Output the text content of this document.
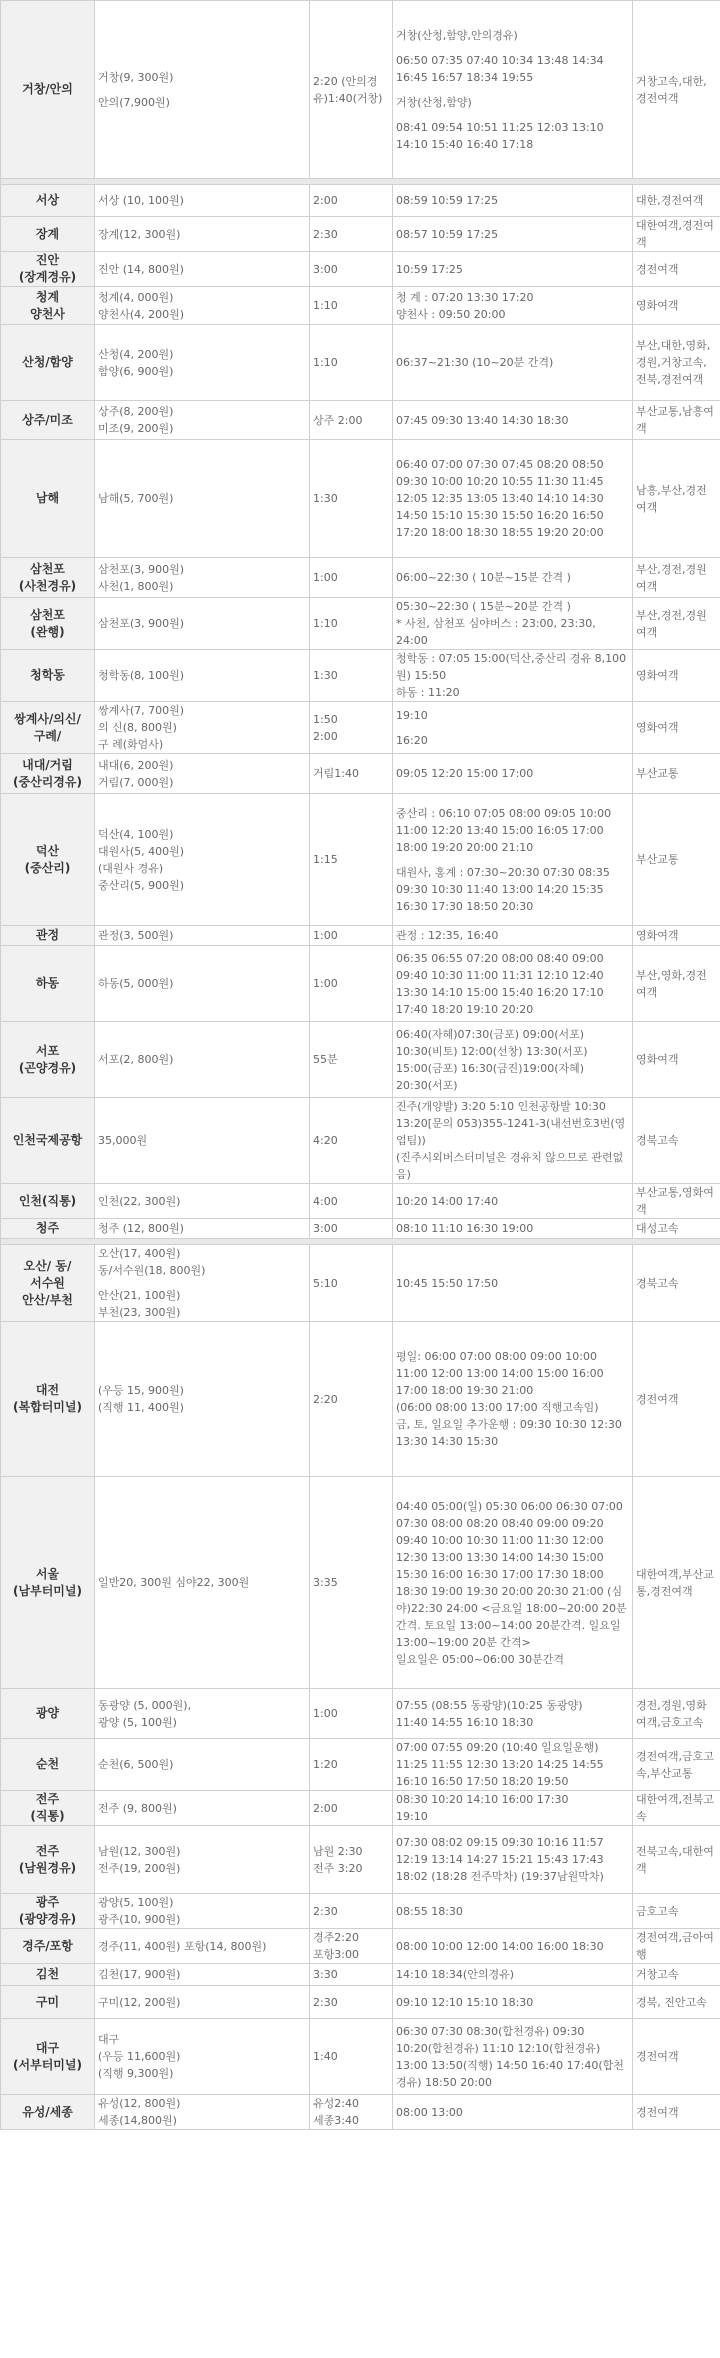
거창/안의	거창(9, 300원)
안의(7,900원)	2:20 (안의경유)1:40(거창)	거창(산청,함양,안의경유)
06:50 07:35 07:40 10:34 13:48 14:34 16:45 16:57 18:34 19:55
거창(산청,함양)
08:41 09:54 10:51 11:25 12:03 13:10 14:10 15:40 16:40 17:18	거창고속,대한,경전여객

서상	서상 (10, 100원)	2:00	08:59 10:59 17:25	대한,경전여객

장계	장계(12, 300원)	2:30	08:57 10:59 17:25	대한여객,경전여객

진안
(장계경유)	진안 (14, 800원)	3:00	10:59 17:25	경전여객

청계
양천사	청계(4, 000원)
양천사(4, 200원)	1:10	청 계 : 07:20 13:30 17:20
양천사 : 09:50 20:00	영화여객

산청/함양	산청(4, 200원)
함양(6, 900원)	1:10	06:37~21:30 (10~20분 간격)	부산,대한,영화,경원,거창고속,전북,경전여객

상주/미조	상주(8, 200원)
미조(9, 200원)	상주 2:00	07:45 09:30 13:40 14:30 18:30	부산교통,남흥여객

남해	남해(5, 700원)	1:30	06:40 07:00 07:30 07:45 08:20 08:50 09:30 10:00 10:20 10:55 11:30 11:45 12:05 12:35 13:05 13:40 14:10 14:30 14:50 15:10 15:30 15:50 16:20 16:50 17:20 18:00 18:30 18:55 19:20 20:00	남흥,부산,경전여객

삼천포
(사천경유)	삼천포(3, 900원)
사천(1, 800원)	1:00	06:00~22:30 ( 10분~15분 간격 )	부산,경전,경원여객

삼천포
(완행)	삼천포(3, 900원)	1:10	05:30~22:30 ( 15분~20분 간격 )
* 사천, 삼천포 심야버스 : 23:00, 23:30, 24:00	부산,경전,경원여객

청학동	청학동(8, 100원)	1:30	청학동 : 07:05 15:00(덕산,중산리 경유 8,100원) 15:50
하동 : 11:20	영화여객

쌍계사/의신/
구례/	쌍계사(7, 700원)
의 신(8, 800원)
구 례(화엄사)	1:50
2:00	19:10
16:20	영화여객

내대/거림
(중산리경유)	내대(6, 200원)
거림(7, 000원)	거림1:40	09:05 12:20 15:00 17:00	부산교통

덕산
(중산리)	덕산(4, 100원)
대원사(5, 400원)
(대원사 경유)
중산리(5, 900원)	1:15	중산리 : 06:10 07:05 08:00 09:05 10:00 11:00 12:20 13:40 15:00 16:05 17:00 18:00 19:20 20:00 21:10
대원사, 홍계 : 07:30~20:30 07:30 08:35 09:30 10:30 11:40 13:00 14:20 15:35 16:30 17:30 18:50 20:30	부산교통

관정	관정(3, 500원)	1:00	관정 : 12:35, 16:40	영화여객

하동	하동(5, 000원)	1:00	06:35 06:55 07:20 08:00 08:40 09:00 09:40 10:30 11:00 11:31 12:10 12:40 13:30 14:10 15:00 15:40 16:20 17:10 17:40 18:20 19:10 20:20	부산,영화,경전여객

서포
(곤양경유)	서포(2, 800원)	55분	06:40(자혜)07:30(금포) 09:00(서포)
10:30(비토) 12:00(선창) 13:30(서포)
15:00(금포) 16:30(금진)19:00(자혜)
20:30(서포)	영화여객

인천국제공항	35,000원	4:20	진주(개양발) 3:20 5:10 인천공항발 10:30 13:20[문의 053)355-1241-3(내선번호3번(영업팀))
(진주시외버스터미널은 경유치 않으므로 관련없음)	경북고속

인천(직통)	인천(22, 300원)	4:00	10:20 14:00 17:40	부산교통,영화여객

청주	청주 (12, 800원)	3:00	08:10 11:10 16:30 19:00	대성고속

오산/ 동/
서수원
안산/부천	오산(17, 400원)
동/서수원(18, 800원)
안산(21, 100원)
부천(23, 300원)	5:10	10:45 15:50 17:50	경북고속

대전
(복합터미널)	(우등 15, 900원)
(직행 11, 400원)	2:20	평일: 06:00 07:00 08:00 09:00 10:00 11:00 12:00 13:00 14:00 15:00 16:00 17:00 18:00 19:30 21:00
(06:00 08:00 13:00 17:00 직행고속임)
금, 토, 일요일 추가운행 : 09:30 10:30 12:30 13:30 14:30 15:30	경전여객

서울
(남부터미널)	일반20, 300원 심야22, 300원	3:35	04:40 05:00(일) 05:30 06:00 06:30 07:00 07:30 08:00 08:20 08:40 09:00 09:20 09:40 10:00 10:30 11:00 11:30 12:00 12:30 13:00 13:30 14:00 14:30 15:00 15:30 16:00 16:30 17:00 17:30 18:00 18:30 19:00 19:30 20:00 20:30 21:00 (심야)22:30 24:00 <금요일 18:00~20:00 20분간격. 토요일 13:00~14:00 20분간격. 일요일 13:00~19:00 20분 간격>
일요일은 05:00~06:00 30분간격	대한여객,부산교통,경전여객

광양	동광양 (5, 000원),
광양 (5, 100원)	1:00	07:55 (08:55 동광양)(10:25 동광양)
11:40 14:55 16:10 18:30	경전,경원,영화여객,금호고속

순천	순천(6, 500원)	1:20	07:00 07:55 09:20 (10:40 일요일운행) 11:25 11:55 12:30 13:20 14:25 14:55 16:10 16:50 17:50 18:20 19:50	경전여객,금호고속,부산교통

전주
(직통)	전주 (9, 800원)	2:00	08:30 10:20 14:10 16:00 17:30
19:10	대한여객,전북고속

전주
(남원경유)	남원(12, 300원)
전주(19, 200원)	남원 2:30
전주 3:20	07:30 08:02 09:15 09:30 10:16 11:57 12:19 13:14 14:27 15:21 15:43 17:43 18:02 (18:28 전주막차) (19:37남원막차)	전북고속,대한여객

광주
(광양경유)	광양(5, 100원)
광주(10, 900원)	2:30	08:55 18:30	금호고속

경주/포항	경주(11, 400원) 포항(14, 800원)	경주2:20
포항3:00	08:00 10:00 12:00 14:00 16:00 18:30	경전여객,금아여행

김천	김천(17, 900원)	3:30	14:10 18:34(안의경유)	거창고속

구미	구미(12, 200원)	2:30	09:10 12:10 15:10 18:30	경북, 진안고속

대구
(서부터미널)	대구
(우등 11,600원)
(직행 9,300원)	1:40	06:30 07:30 08:30(합천경유) 09:30 10:20(합천경유) 11:10 12:10(합천경유) 13:00 13:50(직행) 14:50 16:40 17:40(합천경유) 18:50 20:00	경전여객

유성/세종	유성(12, 800원)
세종(14,800원)	유성2:40
세종3:40	08:00 13:00	경전여객
